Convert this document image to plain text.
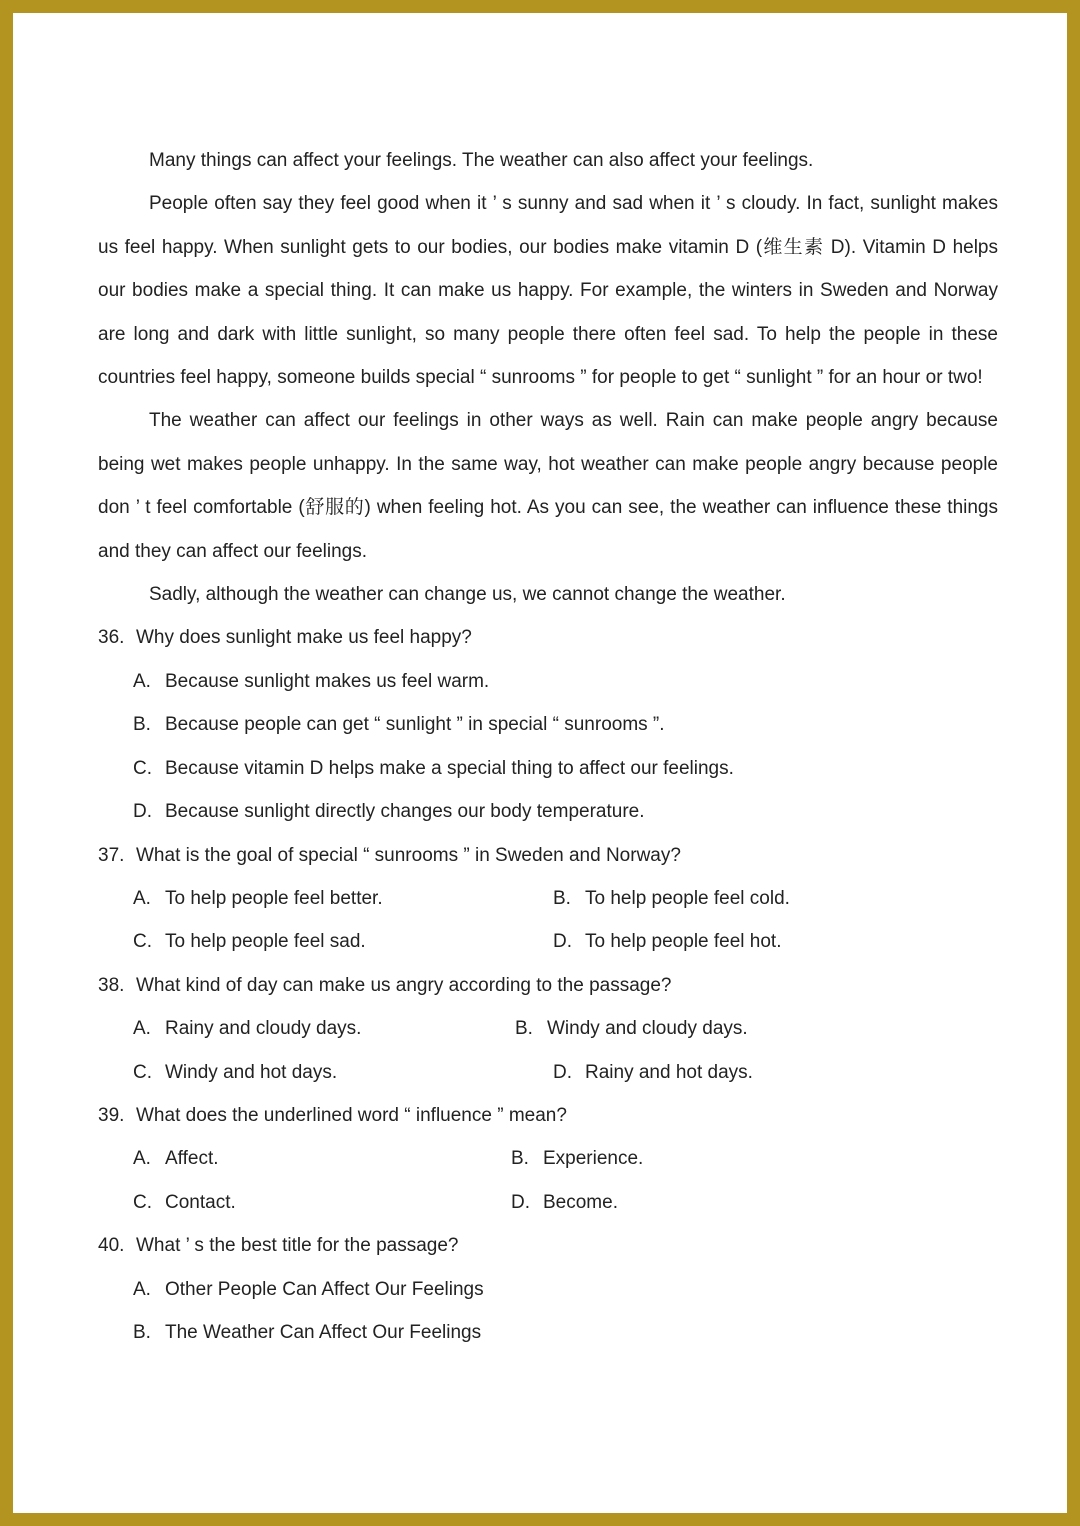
Many things can affect your feelings. The weather can also affect your feelings.

People often say they feel good when it ’ s sunny and sad when it ’ s cloudy. In fact, sunlight makes us feel happy. When sunlight gets to our bodies, our bodies make vitamin D (维生素 D). Vitamin D helps our bodies make a special thing. It can make us happy. For example, the winters in Sweden and Norway are long and dark with little sunlight, so many people there often feel sad. To help the people in these countries feel happy, someone builds special “ sunrooms ” for people to get “ sunlight ” for an hour or two!

The weather can affect our feelings in other ways as well. Rain can make people angry because being wet makes people unhappy. In the same way, hot weather can make people angry because people don ’ t feel comfortable (舒服的) when feeling hot. As you can see, the weather can influence these things and they can affect our feelings.

Sadly, although the weather can change us, we cannot change the weather.

36. Why does sunlight make us feel happy?

A. Because sunlight makes us feel warm.

B. Because people can get “ sunlight ” in special “ sunrooms ”.

C. Because vitamin D helps make a special thing to affect our feelings.

D. Because sunlight directly changes our body temperature.

37. What is the goal of special “ sunrooms ” in Sweden and Norway?

A. To help people feel better.	B. To help people feel cold.
C. To help people feel sad.	D. To help people feel hot.

38. What kind of day can make us angry according to the passage?

A. Rainy and cloudy days.	B. Windy and cloudy days.
C. Windy and hot days.	D. Rainy and hot days.

39. What does the underlined word “ influence ” mean?

A. Affect.	B. Experience.
C. Contact.	D. Become.

40. What ’ s the best title for the passage?

A. Other People Can Affect Our Feelings

B. The Weather Can Affect Our Feelings
